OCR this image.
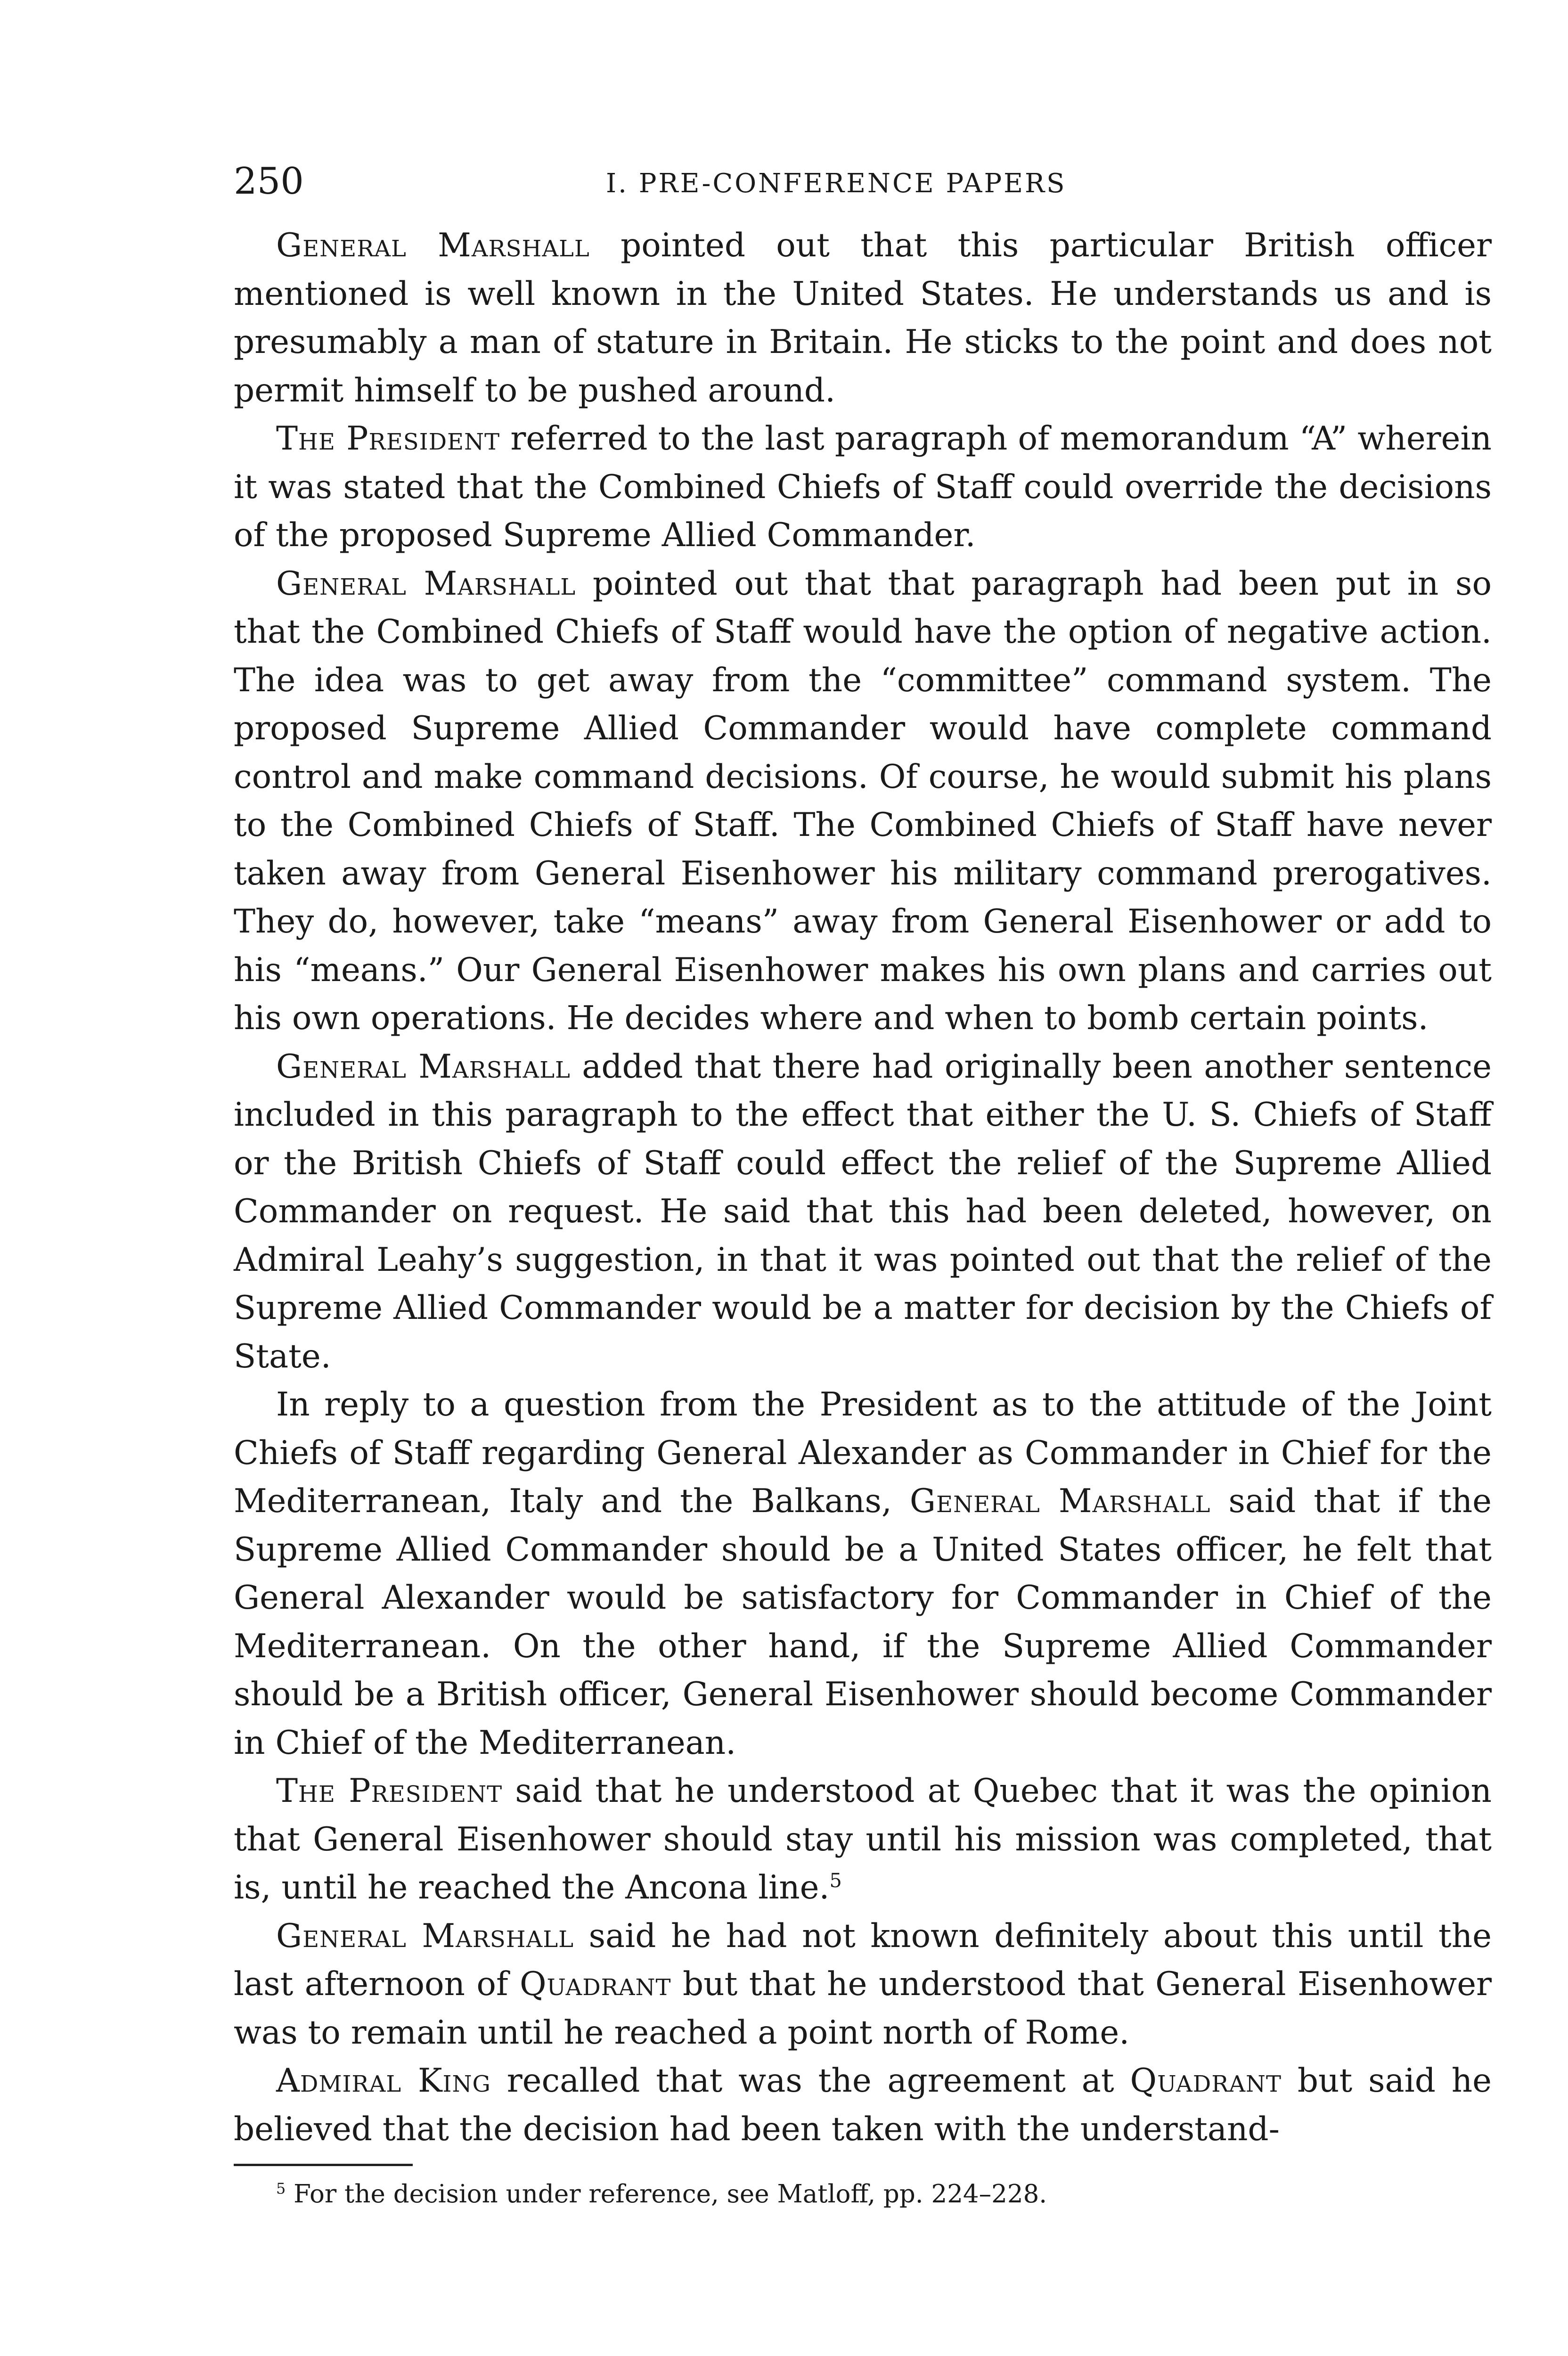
250	I. PRE-CONFERENCE PAPERS

General Marshall pointed out that this particular British officer mentioned is well known in the United States. He understands us and is presumably a man of stature in Britain. He sticks to the point and does not permit himself to be pushed around.

The President referred to the last paragraph of memorandum “A” wherein it was stated that the Combined Chiefs of Staff could override the decisions of the proposed Supreme Allied Commander.

General Marshall pointed out that that paragraph had been put in so that the Combined Chiefs of Staff would have the option of negative action. The idea was to get away from the “committee” command system. The proposed Supreme Allied Commander would have complete command control and make command decisions. Of course, he would submit his plans to the Combined Chiefs of Staff. The Combined Chiefs of Staff have never taken away from General Eisenhower his military command prerogatives. They do, however, take “means” away from General Eisenhower or add to his “means.” Our General Eisenhower makes his own plans and carries out his own operations. He decides where and when to bomb certain points.

General Marshall added that there had originally been another sentence included in this paragraph to the effect that either the U. S. Chiefs of Staff or the British Chiefs of Staff could effect the relief of the Supreme Allied Commander on request. He said that this had been deleted, however, on Admiral Leahy’s suggestion, in that it was pointed out that the relief of the Supreme Allied Commander would be a matter for decision by the Chiefs of State.

In reply to a question from the President as to the attitude of the Joint Chiefs of Staff regarding General Alexander as Commander in Chief for the Mediterranean, Italy and the Balkans, General Marshall said that if the Supreme Allied Commander should be a United States officer, he felt that General Alexander would be satisfactory for Commander in Chief of the Mediterranean. On the other hand, if the Supreme Allied Commander should be a British officer, General Eisenhower should become Commander in Chief of the Mediterranean.

The President said that he understood at Quebec that it was the opinion that General Eisenhower should stay until his mission was completed, that is, until he reached the Ancona line.$^5$

General Marshall said he had not known definitely about this until the last afternoon of Quadrant but that he understood that General Eisenhower was to remain until he reached a point north of Rome.

Admiral King recalled that was the agreement at Quadrant but said he believed that the decision had been taken with the understand-

$^5$ For the decision under reference, see Matloff, pp. 224–228.
